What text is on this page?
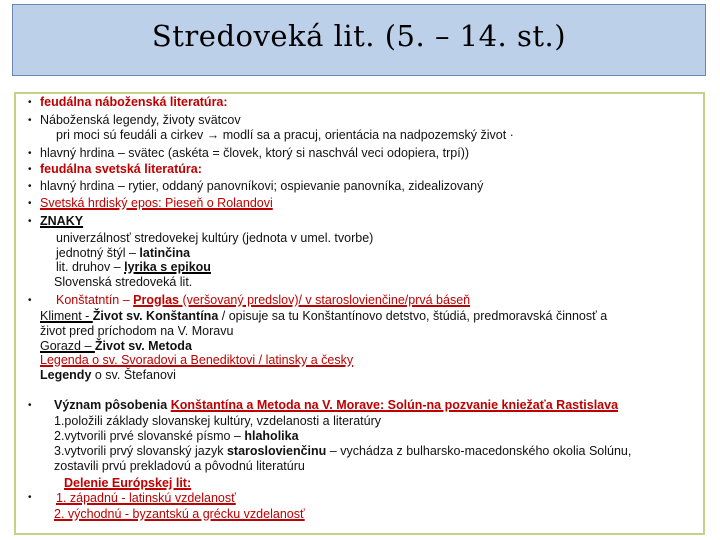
Stredoveká lit. (5. – 14. st.)
•
•
•
•
•
•
•
•
•
•
feudálna náboženská literatúra:
Náboženská legendy, životy svätcov
pri moci sú feudáli a cirkev → modlí sa a pracuj, orientácia na nadpozemský život ·
hlavný hrdina – svätec (askéta = človek, ktorý si naschvál veci odopiera, trpí))
feudálna svetská literatúra:
hlavný hrdina – rytier, oddaný panovníkovi; ospievanie panovníka, zidealizovaný
Svetská hrdiský epos: Pieseň o Rolandovi
ZNAKY
univerzálnosť stredovekej kultúry (jednota v umel. tvorbe)
jednotný štýl – latinčina
lit. druhov – lyrika s epikou
Slovenská stredoveká lit.
Konštatntín – Proglas (veršovaný predslov)/ v staroslovienčine/prvá báseň
Kliment - Život sv. Konštantína / opisuje sa tu Konštantínovo detstvo, štúdiá, predmoravská činnosť a
život pred príchodom na V. Moravu
Gorazd – Život sv. Metoda
Legenda o sv. Svoradovi a Benediktovi / latinsky a česky
Legendy o sv. Štefanovi
Význam pôsobenia Konštantína a Metoda na V. Morave: Solún-na pozvanie kniežaťa Rastislava
1.položili základy slovanskej kultúry, vzdelanosti a literatúry
2.vytvorili prvé slovanské písmo – hlaholika
3.vytvorili prvý slovanský jazyk staroslovienčinu – vychádza z bulharsko-macedonského okolia Solúnu,
zostavili prvú prekladovú a pôvodnú literatúru
Delenie Európskej lit:
1. západnú - latinskú vzdelanosť
2. východnú - byzantskú a grécku vzdelanosť
